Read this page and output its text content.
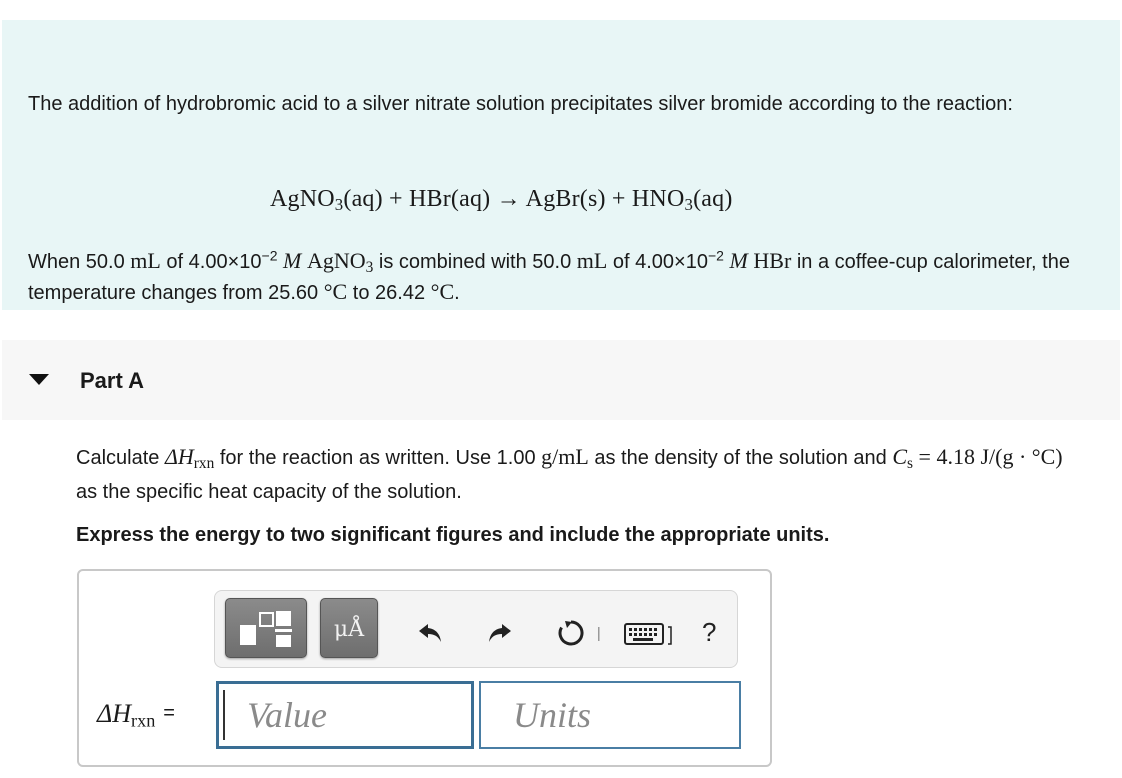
The addition of hydrobromic acid to a silver nitrate solution precipitates silver bromide according to the reaction:
AgNO$_3$(aq) + HBr(aq) → AgBr(s) + $HNO_3(aq)$
When 50.0 mL of $4.00\times 10^{-2}$ M AgNO$_3$ is combined with 50.0 mL of $4.00\times 10^{-2}$ M HBr in a coffee-cup calorimeter, the temperature changes from 25.60 °C to 26.42 °C.
Part A
Calculate $\Delta H_{rxn}$ for the reaction as written. Use 1.00 g/mL as the density of the solution and $C_s = 4.18$ J/(g · °C) as the specific heat capacity of the solution.
Express the energy to two significant figures and include the appropriate units.
μÅ	?
$\Delta H_{rxn}$ =
Value
Units
